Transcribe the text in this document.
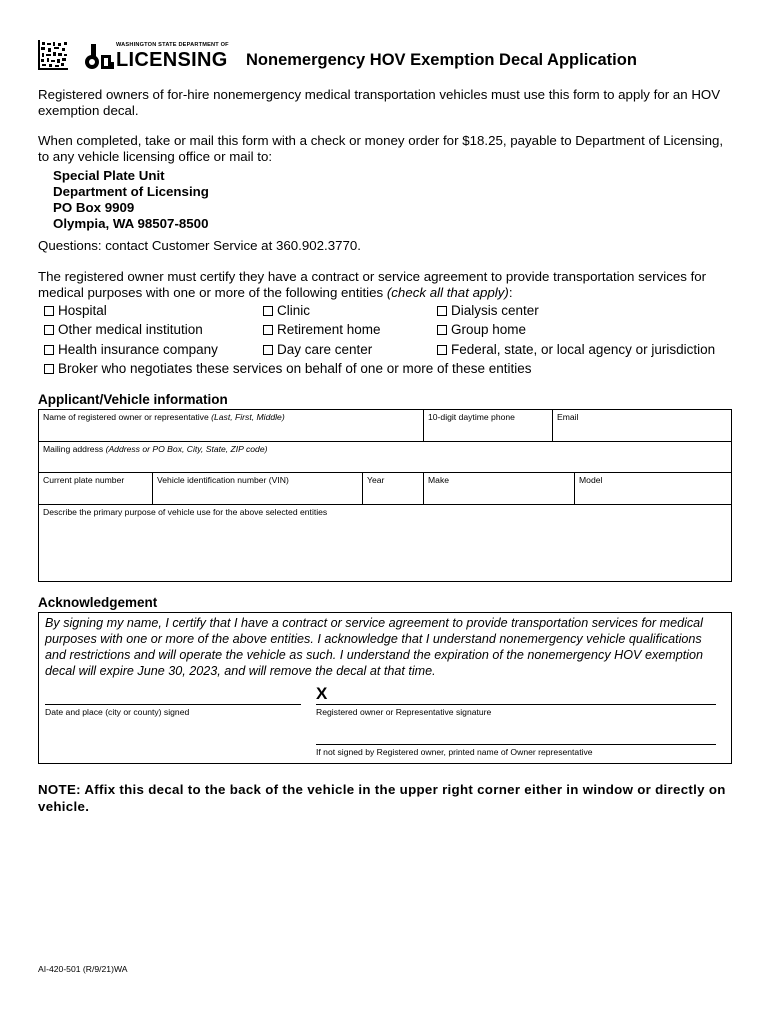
WASHINGTON STATE DEPARTMENT OF
LICENSING Nonemergency HOV Exemption Decal Application
Registered owners of for-hire nonemergency medical transportation vehicles must use this form to apply for an HOV exemption decal.
When completed, take or mail this form with a check or money order for $18.25, payable to Department of Licensing, to any vehicle licensing office or mail to:
Special Plate Unit
Department of Licensing
PO Box 9909
Olympia, WA 98507-8500
Questions: contact Customer Service at 360.902.3770.
The registered owner must certify they have a contract or service agreement to provide transportation services for medical purposes with one or more of the following entities (check all that apply):
Hospital	Clinic	Dialysis center
Other medical institution	Retirement home	Group home
Health insurance company	Day care center	Federal, state, or local agency or jurisdiction
Broker who negotiates these services on behalf of one or more of these entities
Applicant/Vehicle information
Name of registered owner or representative (Last, First, Middle)	10-digit daytime phone	Email
Mailing address (Address or PO Box, City, State, ZIP code)
Current plate number	Vehicle identification number (VIN)	Year	Make	Model
Describe the primary purpose of vehicle use for the above selected entities
Acknowledgement
By signing my name, I certify that I have a contract or service agreement to provide transportation services for medical purposes with one or more of the above entities. I acknowledge that I understand nonemergency vehicle qualifications and restrictions and will operate the vehicle as such. I understand the expiration of the nonemergency HOV exemption decal will expire June 30, 2023, and will remove the decal at that time.
X
Date and place (city or county) signed	Registered owner or Representative signature
If not signed by Registered owner, printed name of Owner representative
NOTE: Affix this decal to the back of the vehicle in the upper right corner either in window or directly on vehicle.
AI-420-501 (R/9/21)WA
